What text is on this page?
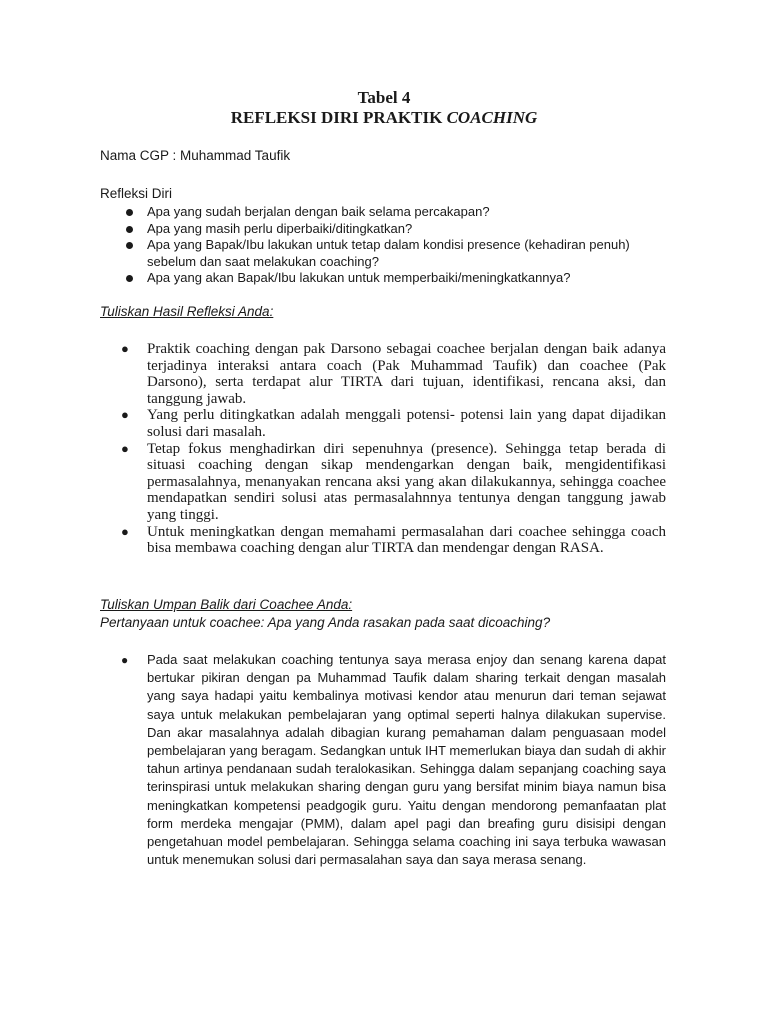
Tabel 4
REFLEKSI DIRI PRAKTIK COACHING
Nama CGP : Muhammad Taufik
Refleksi Diri
Apa yang sudah berjalan dengan baik selama percakapan?
Apa yang masih perlu diperbaiki/ditingkatkan?
Apa yang Bapak/Ibu lakukan untuk tetap dalam kondisi presence (kehadiran penuh) sebelum dan saat melakukan coaching?
Apa yang akan Bapak/Ibu lakukan untuk memperbaiki/meningkatkannya?
Tuliskan Hasil Refleksi Anda:
● Praktik coaching dengan pak Darsono sebagai coachee berjalan dengan baik adanya terjadinya interaksi antara coach (Pak Muhammad Taufik) dan coachee (Pak Darsono), serta terdapat alur TIRTA dari tujuan, identifikasi, rencana aksi, dan tanggung jawab.
● Yang perlu ditingkatkan adalah menggali potensi- potensi lain yang dapat dijadikan solusi dari masalah.
● Tetap fokus menghadirkan diri sepenuhnya (presence). Sehingga tetap berada di situasi coaching dengan sikap mendengarkan dengan baik, mengidentifikasi permasalahnya, menanyakan rencana aksi yang akan dilakukannya, sehingga coachee mendapatkan sendiri solusi atas permasalahnnya tentunya dengan tanggung jawab yang tinggi.
● Untuk meningkatkan dengan memahami permasalahan dari coachee sehingga coach bisa membawa coaching dengan alur TIRTA dan mendengar dengan RASA.
Tuliskan Umpan Balik dari Coachee Anda:
Pertanyaan untuk coachee: Apa yang Anda rasakan pada saat dicoaching?
● Pada saat melakukan coaching tentunya saya merasa enjoy dan senang karena dapat bertukar pikiran dengan pa Muhammad Taufik dalam sharing terkait dengan masalah yang saya hadapi yaitu kembalinya motivasi kendor atau menurun dari teman sejawat saya untuk melakukan pembelajaran yang optimal seperti halnya dilakukan supervise. Dan akar masalahnya adalah dibagian kurang pemahaman dalam penguasaan model pembelajaran yang beragam. Sedangkan untuk IHT memerlukan biaya dan sudah di akhir tahun artinya pendanaan sudah teralokasikan. Sehingga dalam sepanjang coaching saya terinspirasi untuk melakukan sharing dengan guru yang bersifat minim biaya namun bisa meningkatkan kompetensi peadgogik guru. Yaitu dengan mendorong pemanfaatan plat form merdeka mengajar (PMM), dalam apel pagi dan breafing guru disisipi dengan pengetahuan model pembelajaran. Sehingga selama coaching ini saya terbuka wawasan untuk menemukan solusi dari permasalahan saya dan saya merasa senang.
